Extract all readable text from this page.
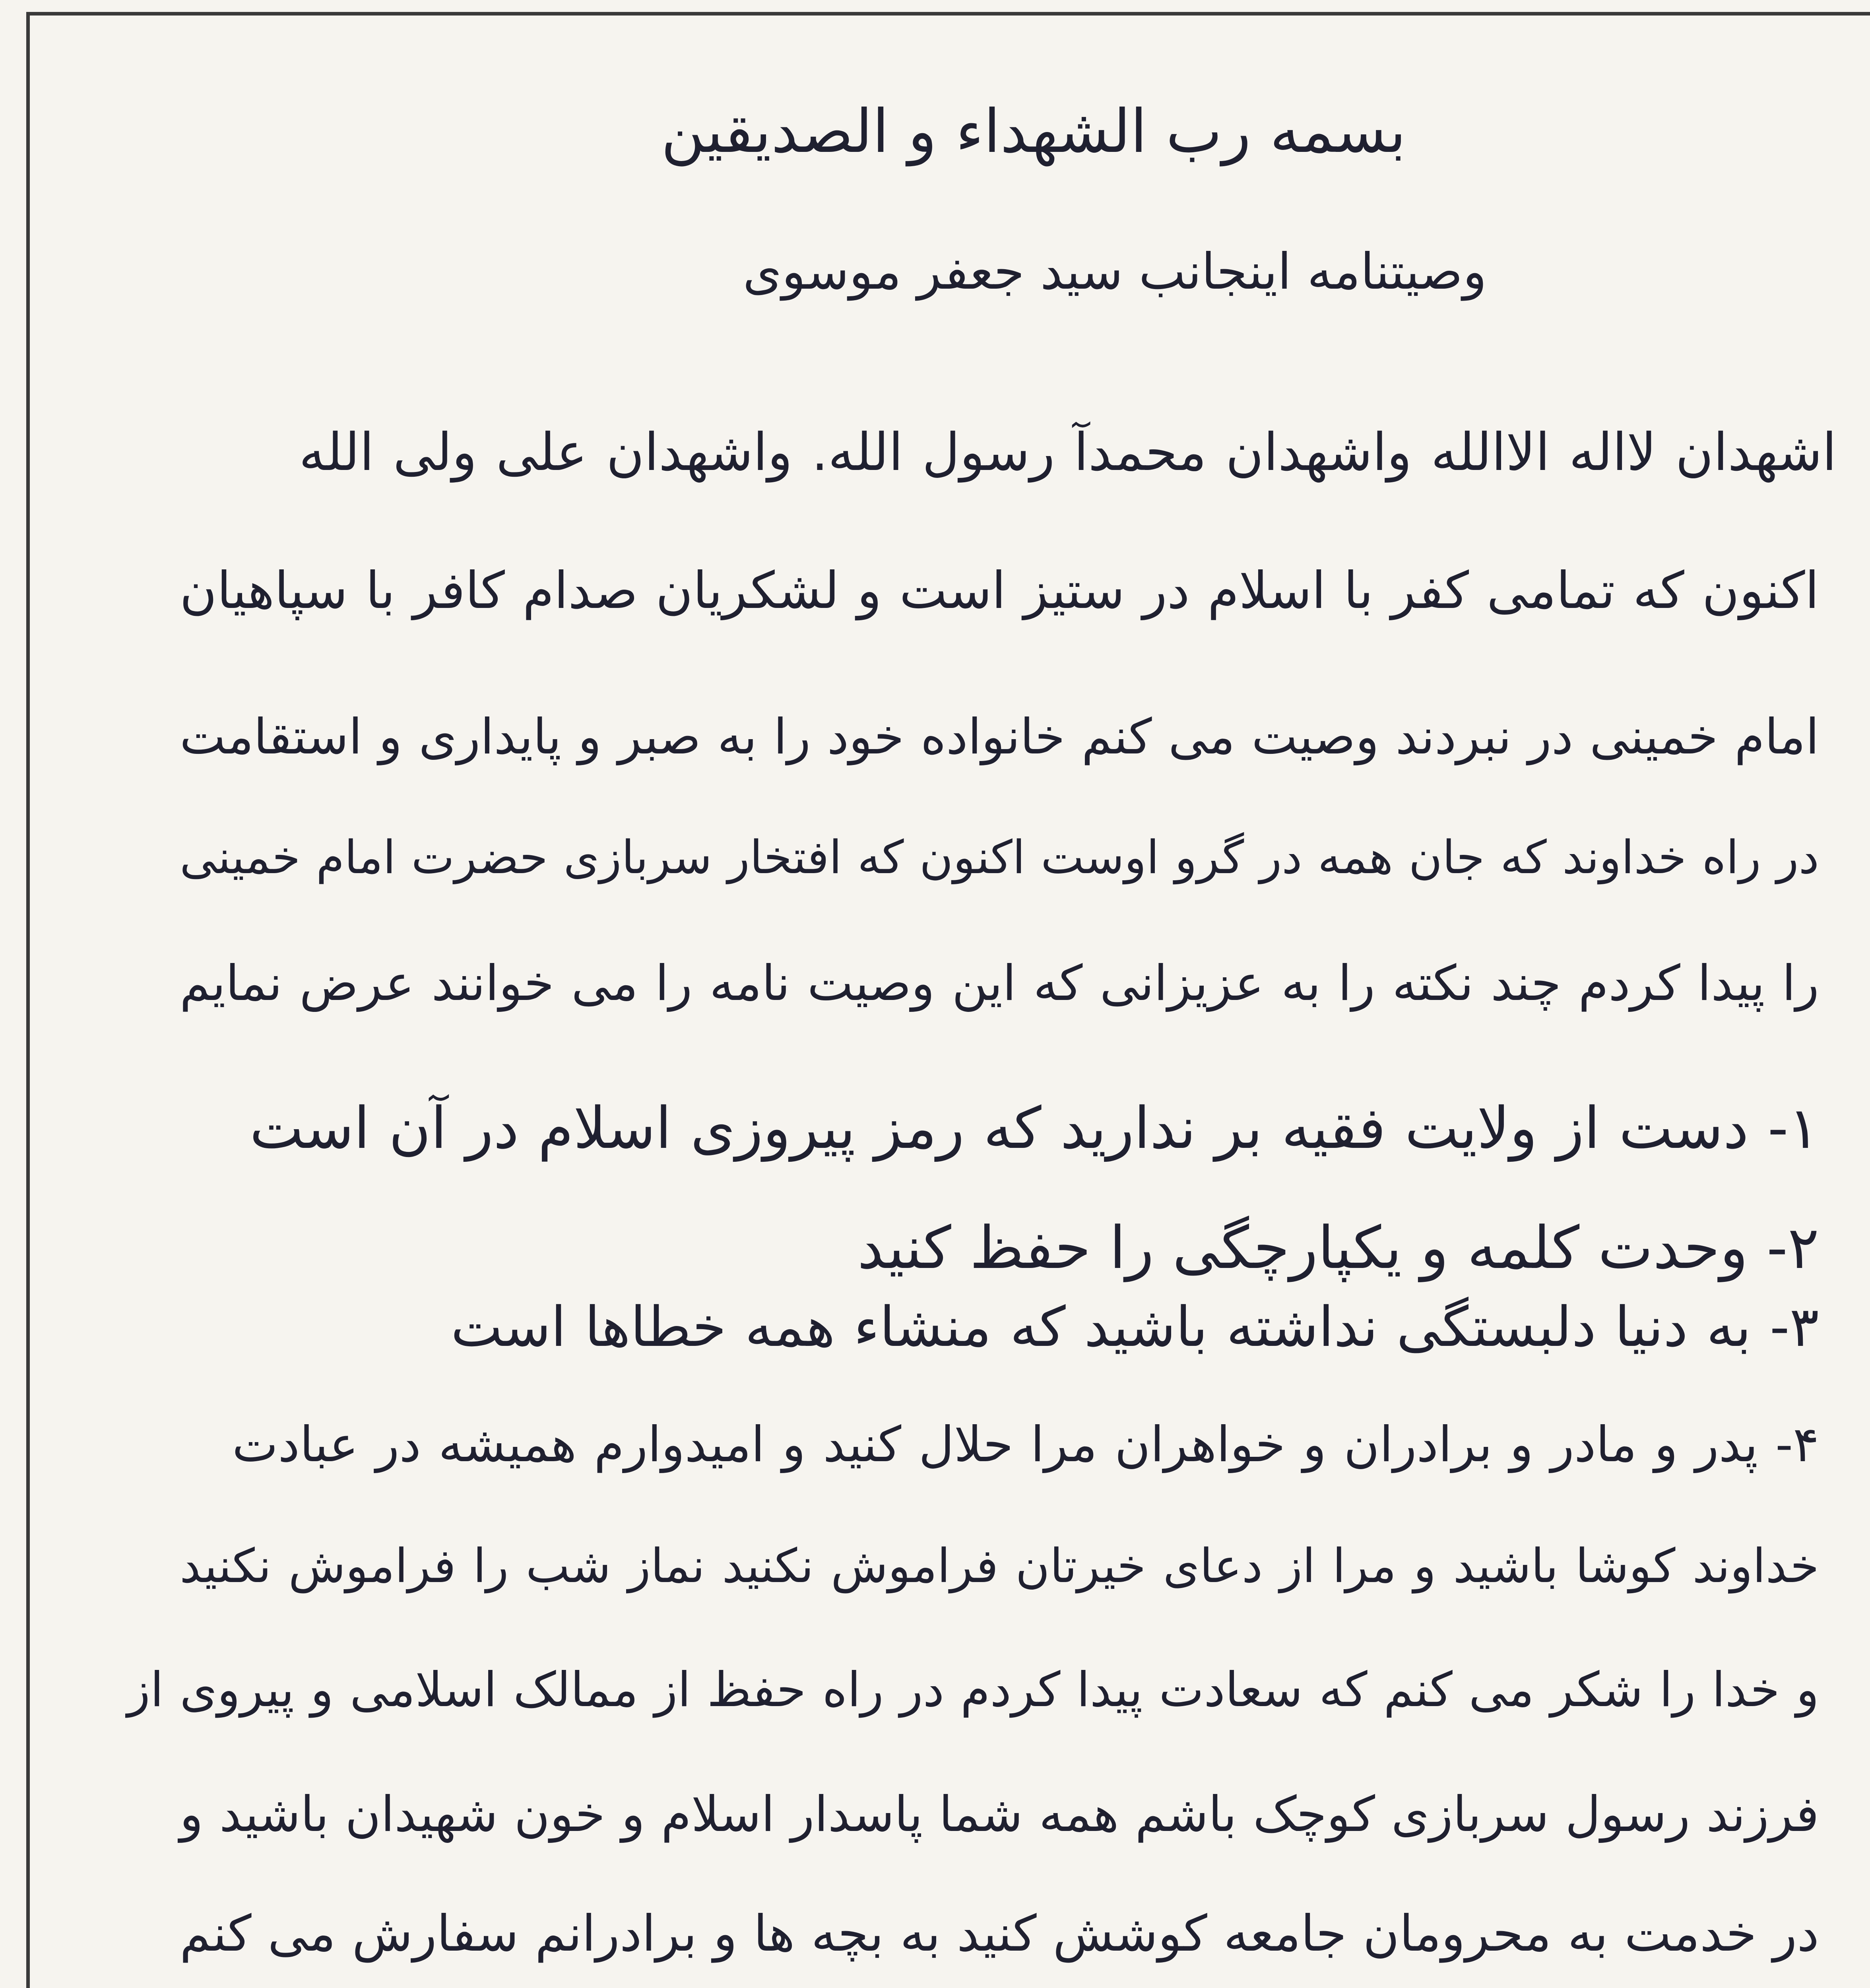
بسمه رب الشهداء و الصدیقین
وصیتنامه اینجانب سید جعفر موسوی
اشهدان لااله الاالله واشهدان محمدآ رسول الله. واشهدان علی ولی الله
اکنون که تمامی کفر با اسلام در ستیز است و لشکریان صدام کافر با سپاهیان
امام خمینی در نبردند وصیت می کنم خانواده خود را به صبر و پایداری و استقامت
در راه خداوند که جان همه در گرو اوست اکنون که افتخار سربازی حضرت امام خمینی
را پیدا کردم چند نکته را به عزیزانی که این وصیت نامه را می خوانند عرض نمایم
۱- دست از ولایت فقیه بر ندارید که رمز پیروزی اسلام در آن است
۲- وحدت کلمه و یکپارچگی را حفظ کنید
۳- به دنیا دلبستگی نداشته باشید که منشاء همه خطاها است
۴- پدر و مادر و برادران و خواهران مرا حلال کنید و امیدوارم همیشه در عبادت
خداوند کوشا باشید و مرا از دعای خیرتان فراموش نکنید نماز شب را فراموش نکنید
و خدا را شکر می کنم که سعادت پیدا کردم در راه حفظ از ممالک اسلامی و پیروی از
فرزند رسول سربازی کوچک باشم همه شما پاسدار اسلام و خون شهیدان باشید و
در خدمت به محرومان جامعه کوشش کنید به بچه ها و برادرانم سفارش می کنم
